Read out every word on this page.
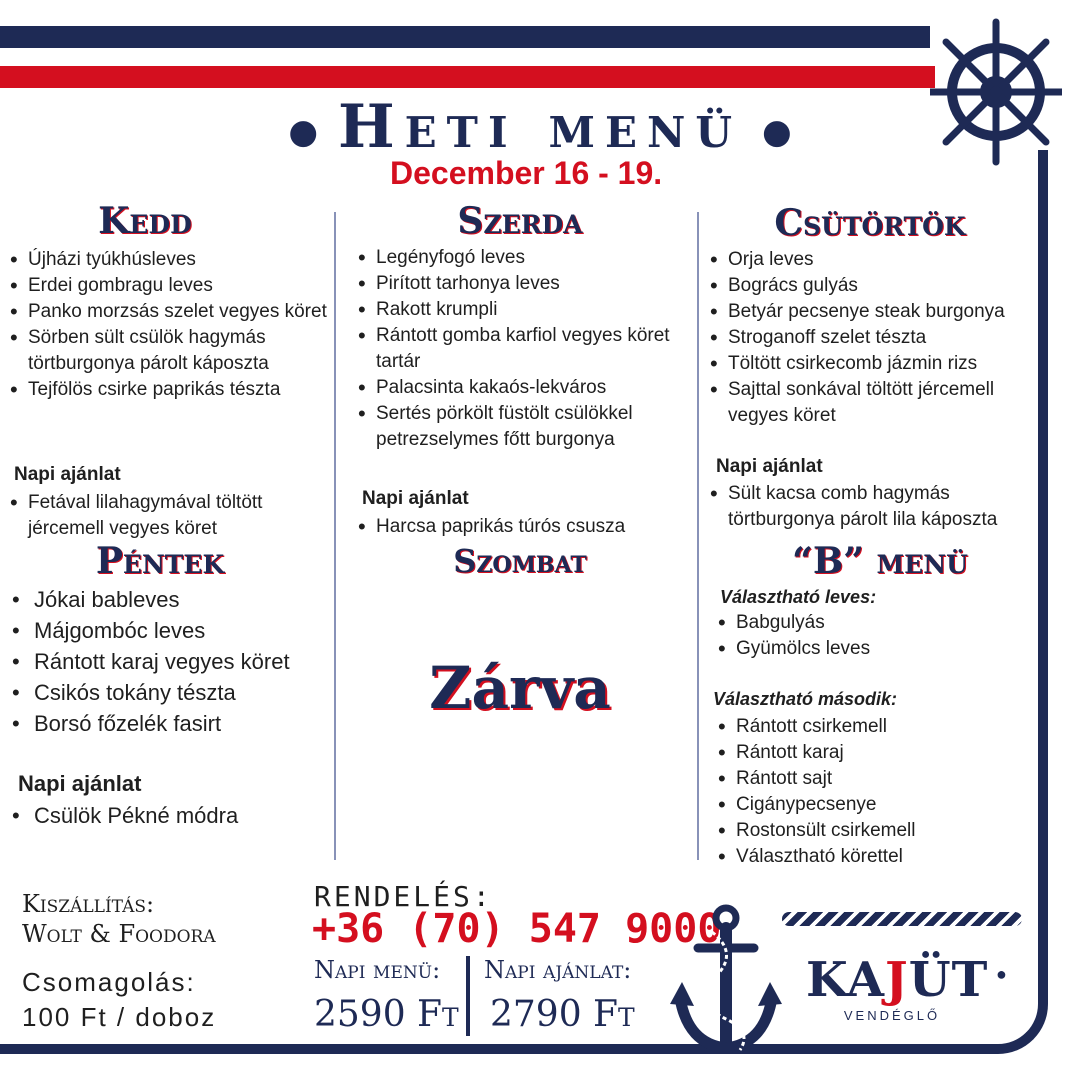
● Heti menü ●
December 16 - 19.
Kedd
• Újházi tyúkhúsleves
• Erdei gombragu leves
• Panko morzsás szelet vegyes köret
• Sörben sült csülök hagymás törtburgonya párolt káposzta
• Tejfölös csirke paprikás tészta
Napi ajánlat
• Fetával lilahagymával töltött jércemell vegyes köret
Szerda
• Legényfogó leves
• Pirított tarhonya leves
• Rakott krumpli
• Rántott gomba karfiol vegyes köret tartár
• Palacsinta kakaós-lekváros
• Sertés pörkölt füstölt csülökkel petrezselymes főtt burgonya
Napi ajánlat
• Harcsa paprikás túrós csusza
Csütörtök
• Orja leves
• Bogrács gulyás
• Betyár pecsenye steak burgonya
• Stroganoff szelet tészta
• Töltött csirkecomb jázmin rizs
• Sajttal sonkával töltött jércemell vegyes köret
Napi ajánlat
• Sült kacsa comb hagymás törtburgonya párolt lila káposzta
Péntek
• Jókai bableves
• Májgombóc leves
• Rántott karaj vegyes köret
• Csikós tokány tészta
• Borsó főzelék fasirt
Napi ajánlat
• Csülök Pékné módra
Szombat
Zárva
“B” menü
Választható leves:
• Babgulyás
• Gyümölcs leves
Választható második:
• Rántott csirkemell
• Rántott karaj
• Rántott sajt
• Cigánypecsenye
• Rostonsült csirkemell
• Választható körettel
Kiszállítás:
Wolt & Foodora
Csomagolás:
100 Ft / doboz
RENDELÉS:
+36 (70) 547 9000
Napi menü:
2590 Ft
Napi ajánlat:
2790 Ft
KAJÜT
VENDÉGLŐ
●
